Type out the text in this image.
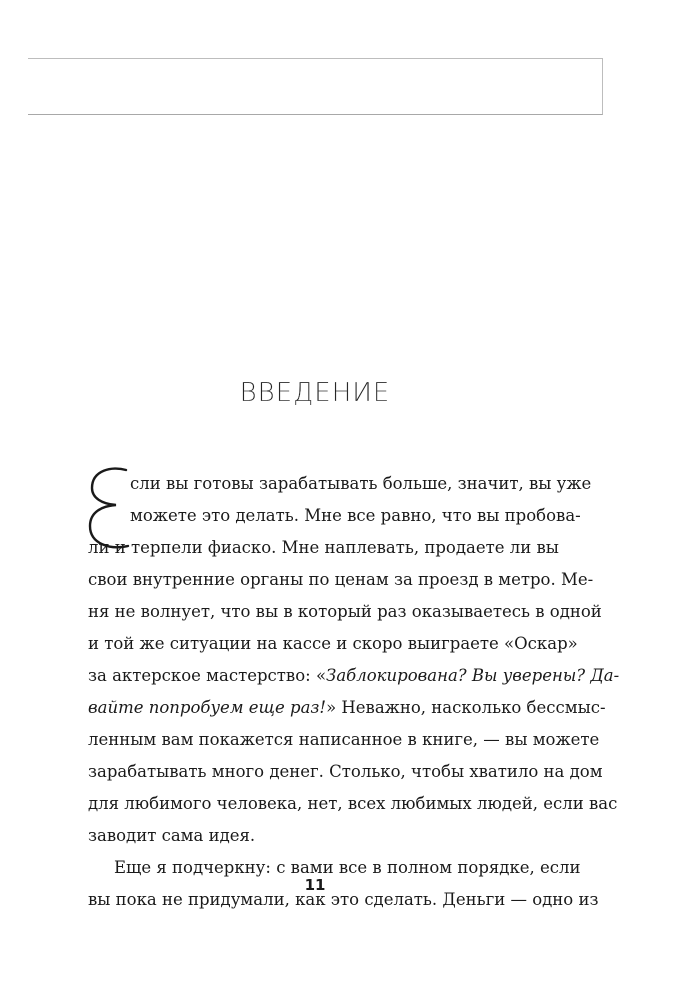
ВВЕДЕНИЕ
Е
сли вы готовы зарабатывать больше, значит, вы уже
можете это делать. Мне все равно, что вы пробова-
ли и терпели фиаско. Мне наплевать, продаете ли вы
свои внутренние органы по ценам за проезд в метро. Ме-
ня не волнует, что вы в который раз оказываетесь в одной
и той же ситуации на кассе и скоро выиграете «Оскар»
за актерское мастерство: «Заблокирована? Вы уверены? Да-
вайте попробуем еще раз!» Неважно, насколько бессмыс-
ленным вам покажется написанное в книге, — вы можете
зарабатывать много денег. Столько, чтобы хватило на дом
для любимого человека, нет, всех любимых людей, если вас
заводит сама идея.
Еще я подчеркну: с вами все в полном порядке, если
вы пока не придумали, как это сделать. Деньги — одно из
11
